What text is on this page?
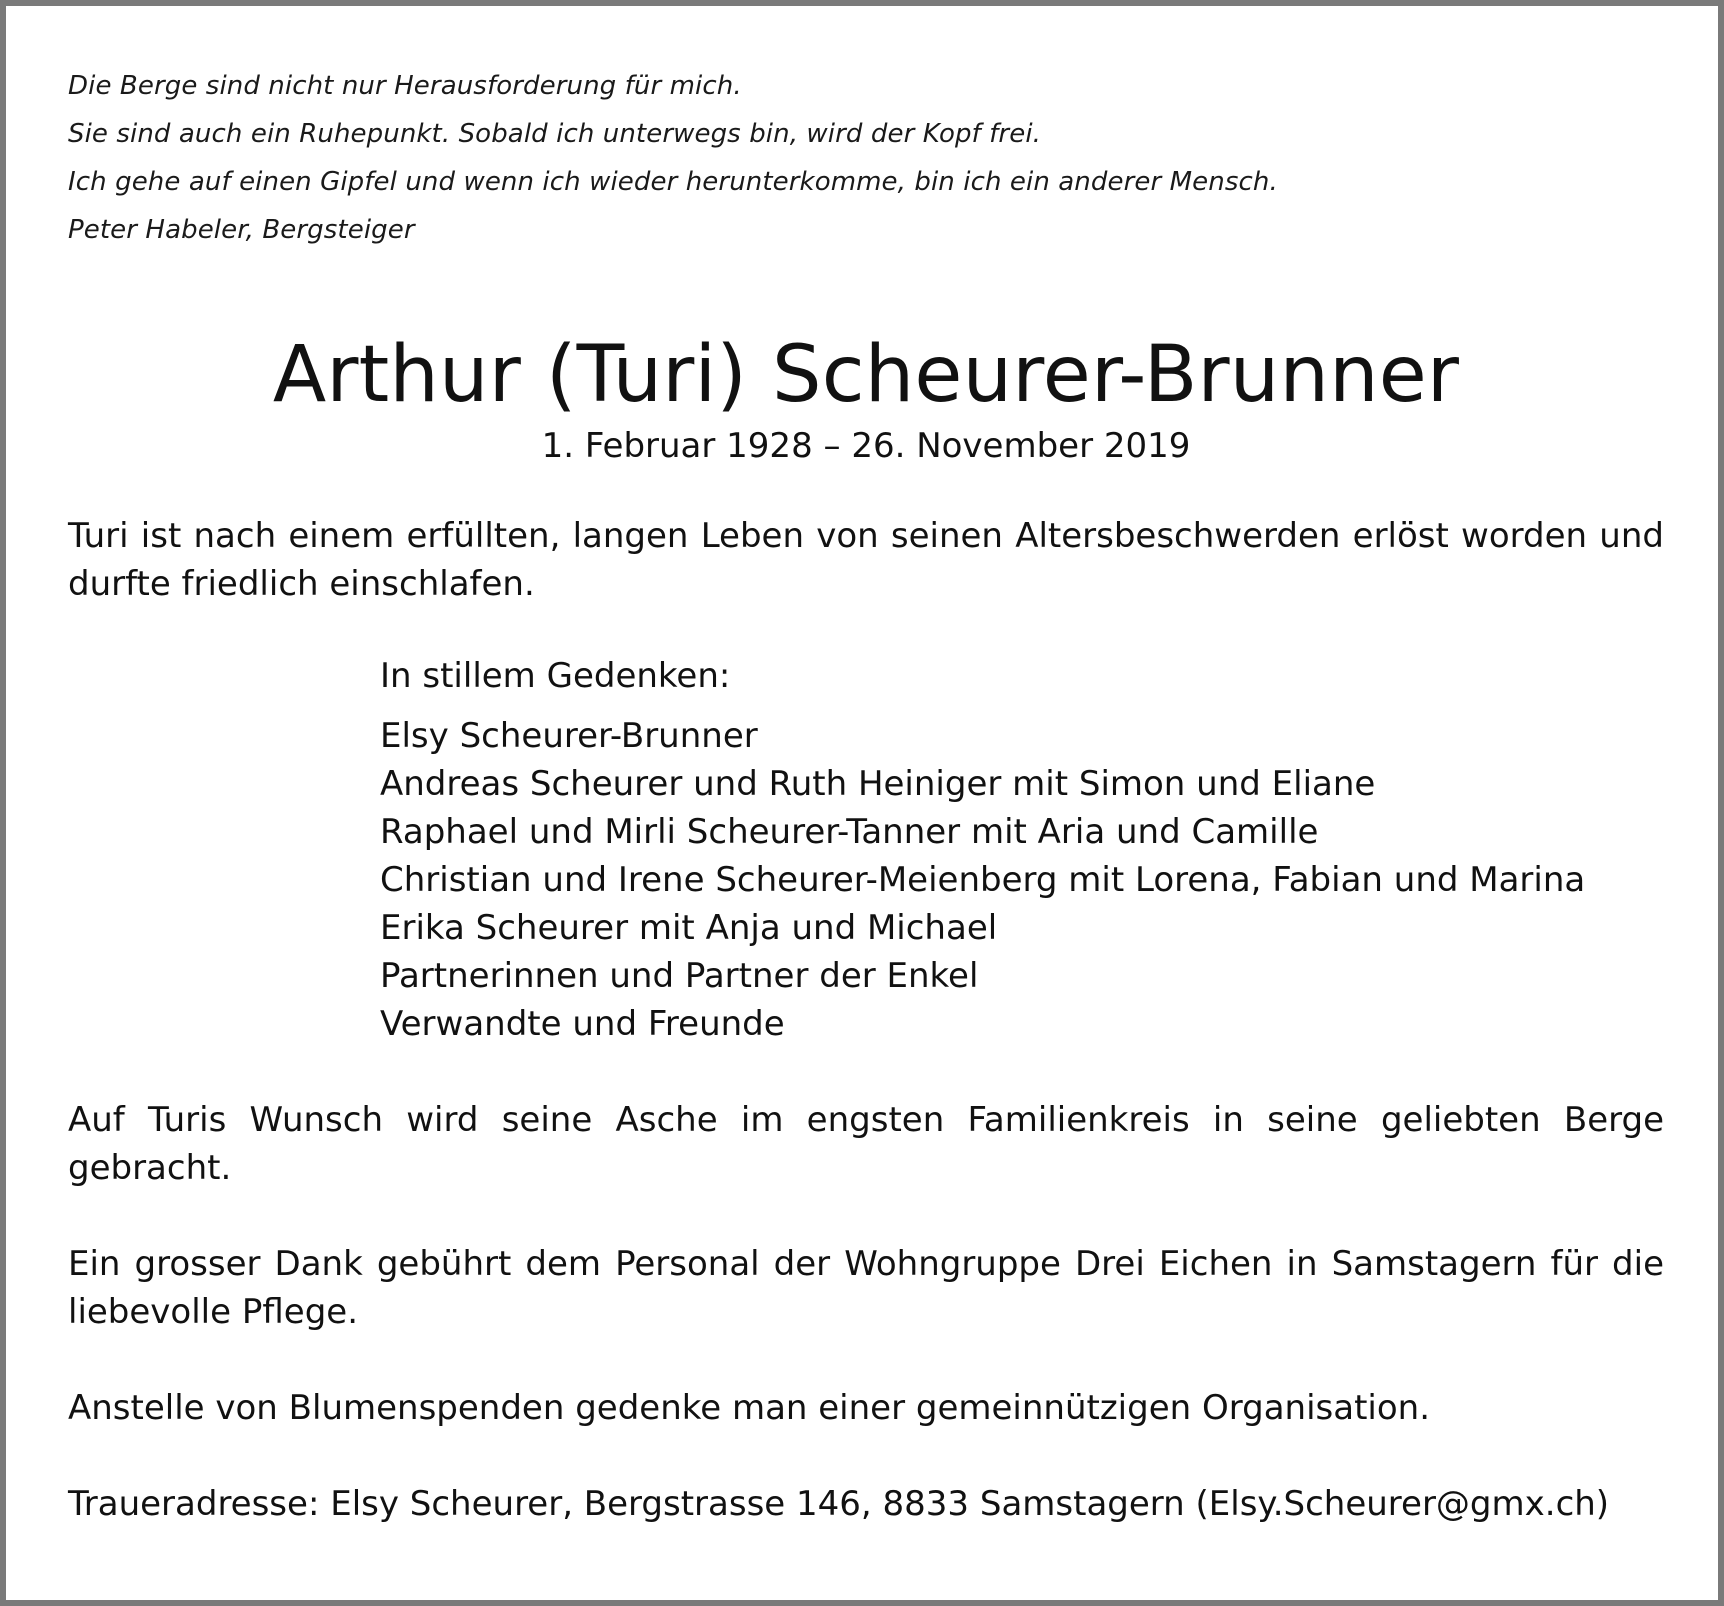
Die Berge sind nicht nur Herausforderung für mich.
Sie sind auch ein Ruhepunkt. Sobald ich unterwegs bin, wird der Kopf frei.
Ich gehe auf einen Gipfel und wenn ich wieder herunterkomme, bin ich ein anderer Mensch.
Peter Habeler, Bergsteiger
Arthur (Turi) Scheurer-Brunner
1. Februar 1928 – 26. November 2019
Turi ist nach einem erfüllten, langen Leben von seinen Altersbeschwerden erlöst worden und durfte friedlich einschlafen.
In stillem Gedenken:
Elsy Scheurer-Brunner
Andreas Scheurer und Ruth Heiniger mit Simon und Eliane
Raphael und Mirli Scheurer-Tanner mit Aria und Camille
Christian und Irene Scheurer-Meienberg mit Lorena, Fabian und Marina
Erika Scheurer mit Anja und Michael
Partnerinnen und Partner der Enkel
Verwandte und Freunde
Auf Turis Wunsch wird seine Asche im engsten Familienkreis in seine geliebten Berge gebracht.
Ein grosser Dank gebührt dem Personal der Wohngruppe Drei Eichen in Samstagern für die liebevolle Pflege.
Anstelle von Blumenspenden gedenke man einer gemeinnützigen Organisation.
Traueradresse: Elsy Scheurer, Bergstrasse 146, 8833 Samstagern (Elsy.Scheurer@gmx.ch)
